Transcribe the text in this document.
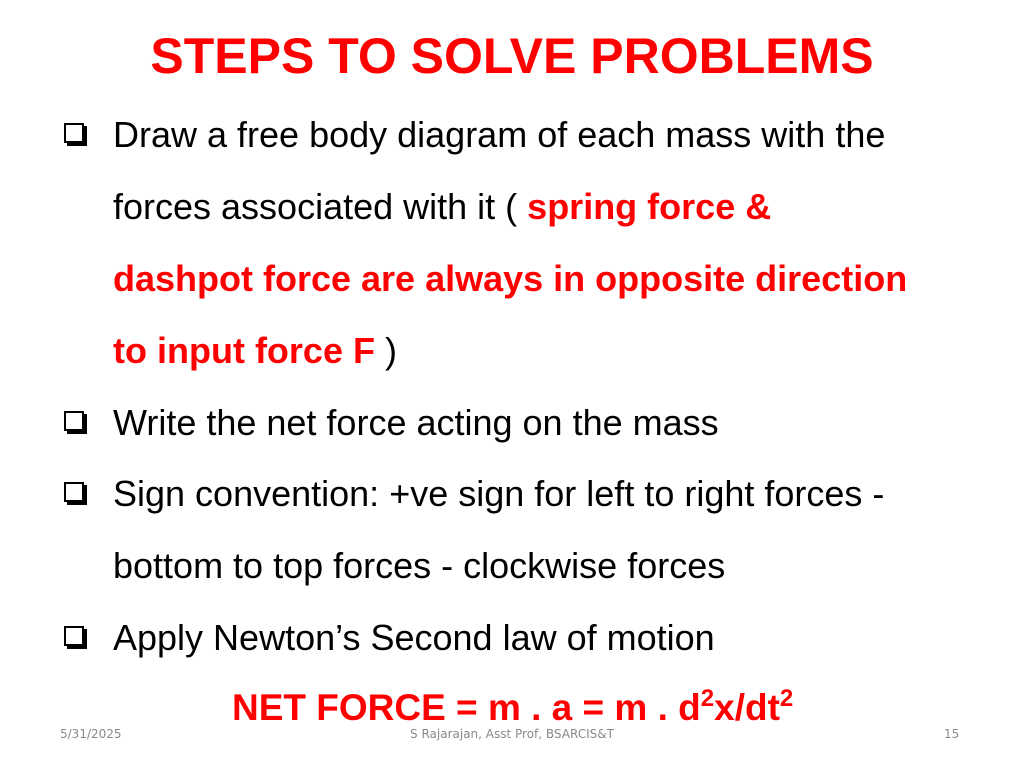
STEPS TO SOLVE PROBLEMS
Draw a free body diagram of each mass with the
forces associated with it ( spring force &
dashpot force are always in opposite direction
to input force F )
Write the net force acting on the mass
Sign convention: +ve sign for left to right forces -
bottom to top forces - clockwise forces
Apply Newton’s Second law of motion
NET FORCE = m . a = m . $d^2x/dt^2$
5/31/2025	S Rajarajan, Asst Prof, BSARCIS&T	15
